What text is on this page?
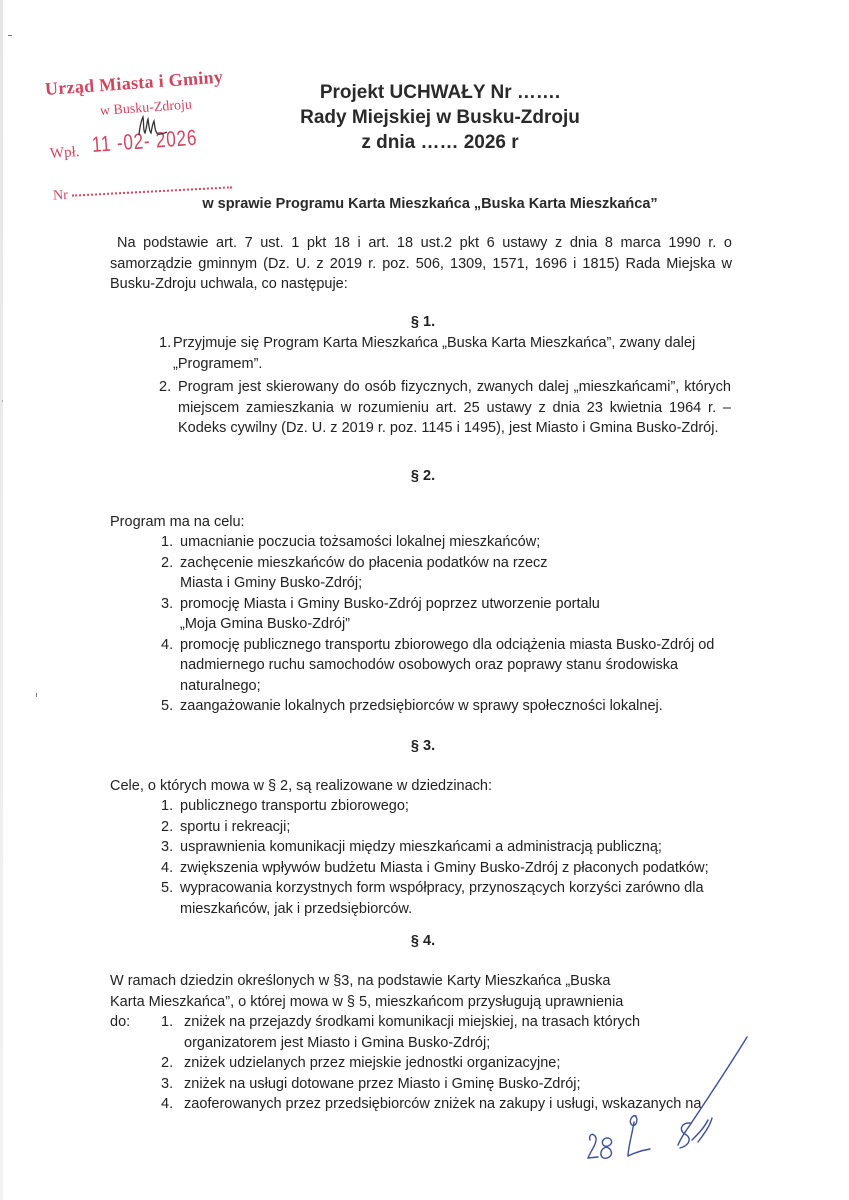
Urząd Miasta i Gminy
w Busku-Zdroju
Wpł. 11 -02- 2026
Nr
Projekt UCHWAŁY Nr …….
Rady Miejskiej w Busku-Zdroju
z dnia …… 2026 r
w sprawie Programu Karta Mieszkańca „Buska Karta Mieszkańca”
Na podstawie art. 7 ust. 1 pkt 18 i art. 18 ust.2 pkt 6 ustawy z dnia 8 marca 1990 r. o
samorządzie gminnym (Dz. U. z 2019 r. poz. 506, 1309, 1571, 1696 i 1815) Rada Miejska w
Busku-Zdroju uchwala, co następuje:
§ 1.
1. Przyjmuje się Program Karta Mieszkańca „Buska Karta Mieszkańca”, zwany dalej „Programem”.
2. Program jest skierowany do osób fizycznych, zwanych dalej „mieszkańcami”, których miejscem zamieszkania w rozumieniu art. 25 ustawy z dnia 23 kwietnia 1964 r. – Kodeks cywilny (Dz. U. z 2019 r. poz. 1145 i 1495), jest Miasto i Gmina Busko-Zdrój.
§ 2.
Program ma na celu:
1. umacnianie poczucia tożsamości lokalnej mieszkańców;
2. zachęcenie mieszkańców do płacenia podatków na rzecz Miasta i Gminy Busko-Zdrój;
3. promocję Miasta i Gminy Busko-Zdrój poprzez utworzenie portalu „Moja Gmina Busko-Zdrój”
4. promocję publicznego transportu zbiorowego dla odciążenia miasta Busko-Zdrój od nadmiernego ruchu samochodów osobowych oraz poprawy stanu środowiska naturalnego;
5. zaangażowanie lokalnych przedsiębiorców w sprawy społeczności lokalnej.
§ 3.
Cele, o których mowa w § 2, są realizowane w dziedzinach:
1. publicznego transportu zbiorowego;
2. sportu i rekreacji;
3. usprawnienia komunikacji między mieszkańcami a administracją publiczną;
4. zwiększenia wpływów budżetu Miasta i Gminy Busko-Zdrój z płaconych podatków;
5. wypracowania korzystnych form współpracy, przynoszących korzyści zarówno dla mieszkańców, jak i przedsiębiorców.
§ 4.
W ramach dziedzin określonych w §3, na podstawie Karty Mieszkańca „Buska Karta Mieszkańca”, o której mowa w § 5, mieszkańcom przysługują uprawnienia do:	1. zniżek na przejazdy środkami komunikacji miejskiej, na trasach których organizatorem jest Miasto i Gmina Busko-Zdrój;
2. zniżek udzielanych przez miejskie jednostki organizacyjne;
3. zniżek na usługi dotowane przez Miasto i Gminę Busko-Zdrój;
4. zaoferowanych przez przedsiębiorców zniżek na zakupy i usługi, wskazanych na
